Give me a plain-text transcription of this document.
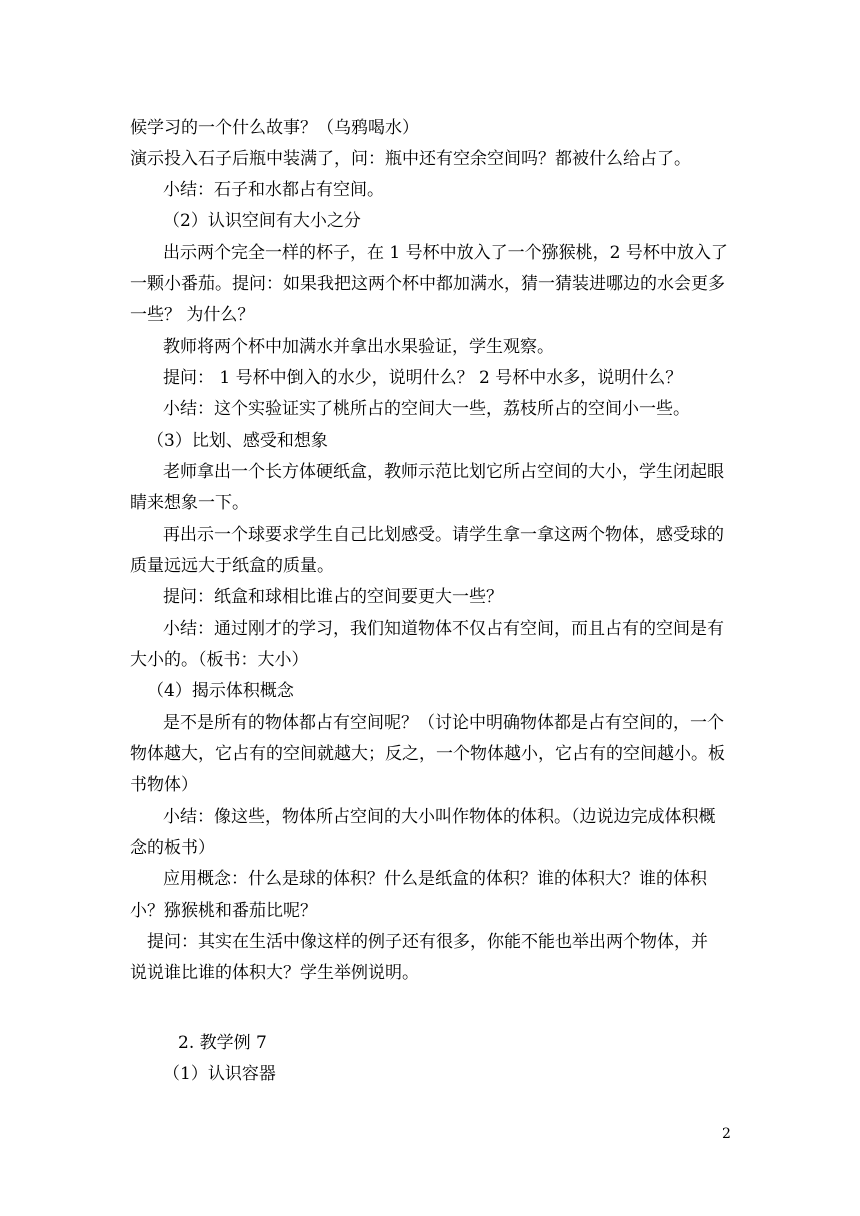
候学习的一个什么故事？（乌鸦喝水）
演示投入石子后瓶中装满了，问：瓶中还有空余空间吗？都被什么给占了。
小结：石子和水都占有空间。
（2）认识空间有大小之分
出示两个完全一样的杯子，在 1 号杯中放入了一个猕猴桃，2 号杯中放入了
一颗小番茄。提问：如果我把这两个杯中都加满水，猜一猜装进哪边的水会更多
一些？ 为什么？
教师将两个杯中加满水并拿出水果验证，学生观察。
提问： 1 号杯中倒入的水少，说明什么？ 2 号杯中水多，说明什么？
小结：这个实验证实了桃所占的空间大一些，荔枝所占的空间小一些。
（3）比划、感受和想象
老师拿出一个长方体硬纸盒，教师示范比划它所占空间的大小，学生闭起眼
睛来想象一下。
再出示一个球要求学生自己比划感受。请学生拿一拿这两个物体，感受球的
质量远远大于纸盒的质量。
提问：纸盒和球相比谁占的空间要更大一些？
小结：通过刚才的学习，我们知道物体不仅占有空间，而且占有的空间是有
大小的。（板书：大小）
（4）揭示体积概念
是不是所有的物体都占有空间呢？（讨论中明确物体都是占有空间的，一个
物体越大，它占有的空间就越大；反之，一个物体越小，它占有的空间越小。板
书物体）
小结：像这些，物体所占空间的大小叫作物体的体积。（边说边完成体积概
念的板书）
应用概念：什么是球的体积？什么是纸盒的体积？谁的体积大？谁的体积
小？猕猴桃和番茄比呢？
提问：其实在生活中像这样的例子还有很多，你能不能也举出两个物体，并
说说谁比谁的体积大？学生举例说明。
2. 教学例 7
（1）认识容器
2
